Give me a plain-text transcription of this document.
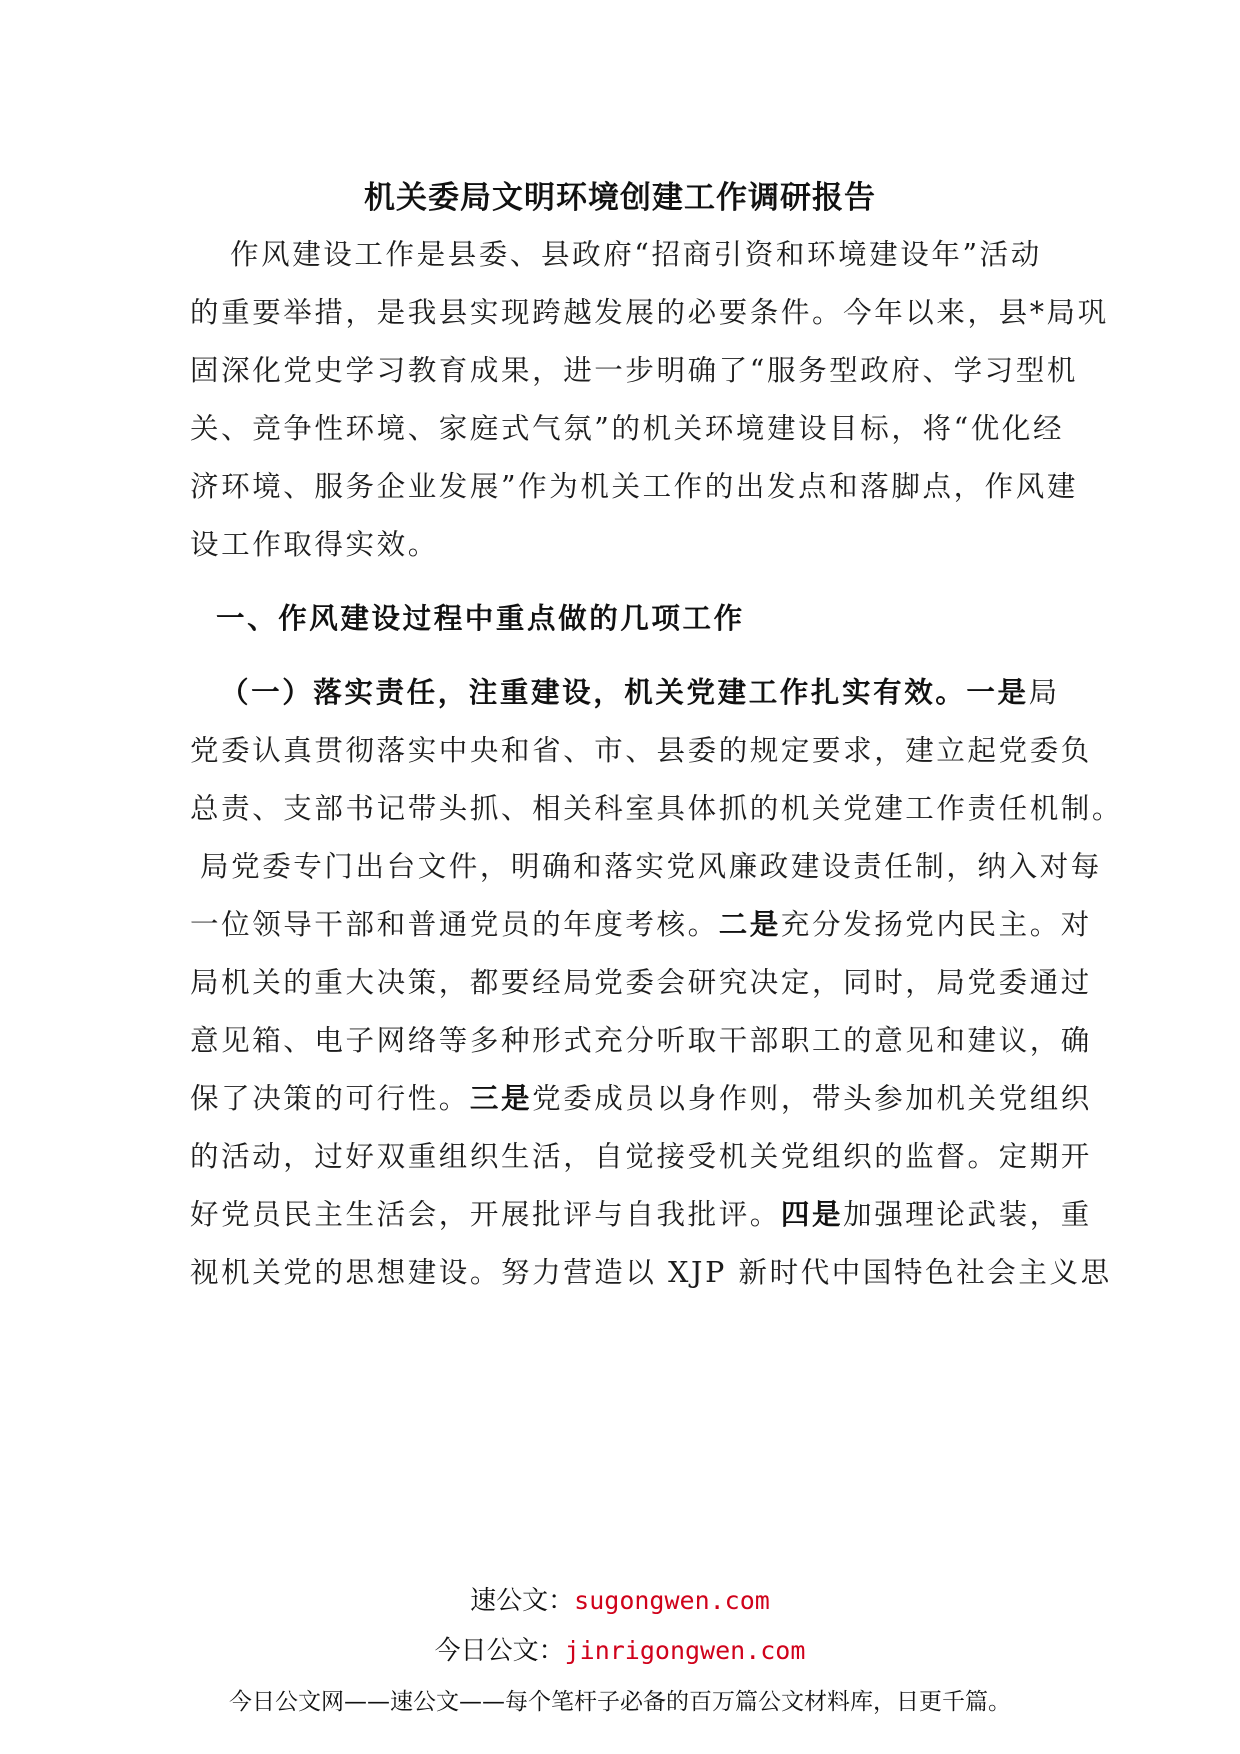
机关委局文明环境创建工作调研报告
作风建设工作是县委、县政府“招商引资和环境建设年”活动
的重要举措，是我县实现跨越发展的必要条件。今年以来，县*局巩
固深化党史学习教育成果，进一步明确了“服务型政府、学习型机
关、竞争性环境、家庭式气氛”的机关环境建设目标，将“优化经
济环境、服务企业发展”作为机关工作的出发点和落脚点，作风建
设工作取得实效。
一、作风建设过程中重点做的几项工作
（一）落实责任，注重建设，机关党建工作扎实有效。一是局
党委认真贯彻落实中央和省、市、县委的规定要求，建立起党委负
总责、支部书记带头抓、相关科室具体抓的机关党建工作责任机制。
局党委专门出台文件，明确和落实党风廉政建设责任制，纳入对每
一位领导干部和普通党员的年度考核。二是充分发扬党内民主。对
局机关的重大决策，都要经局党委会研究决定，同时，局党委通过
意见箱、电子网络等多种形式充分听取干部职工的意见和建议，确
保了决策的可行性。三是党委成员以身作则，带头参加机关党组织
的活动，过好双重组织生活，自觉接受机关党组织的监督。定期开
好党员民主生活会，开展批评与自我批评。四是加强理论武装，重
视机关党的思想建设。努力营造以 XJP 新时代中国特色社会主义思
速公文：sugongwen.com
今日公文：jinrigongwen.com
今日公文网——速公文——每个笔杆子必备的百万篇公文材料库，日更千篇。
